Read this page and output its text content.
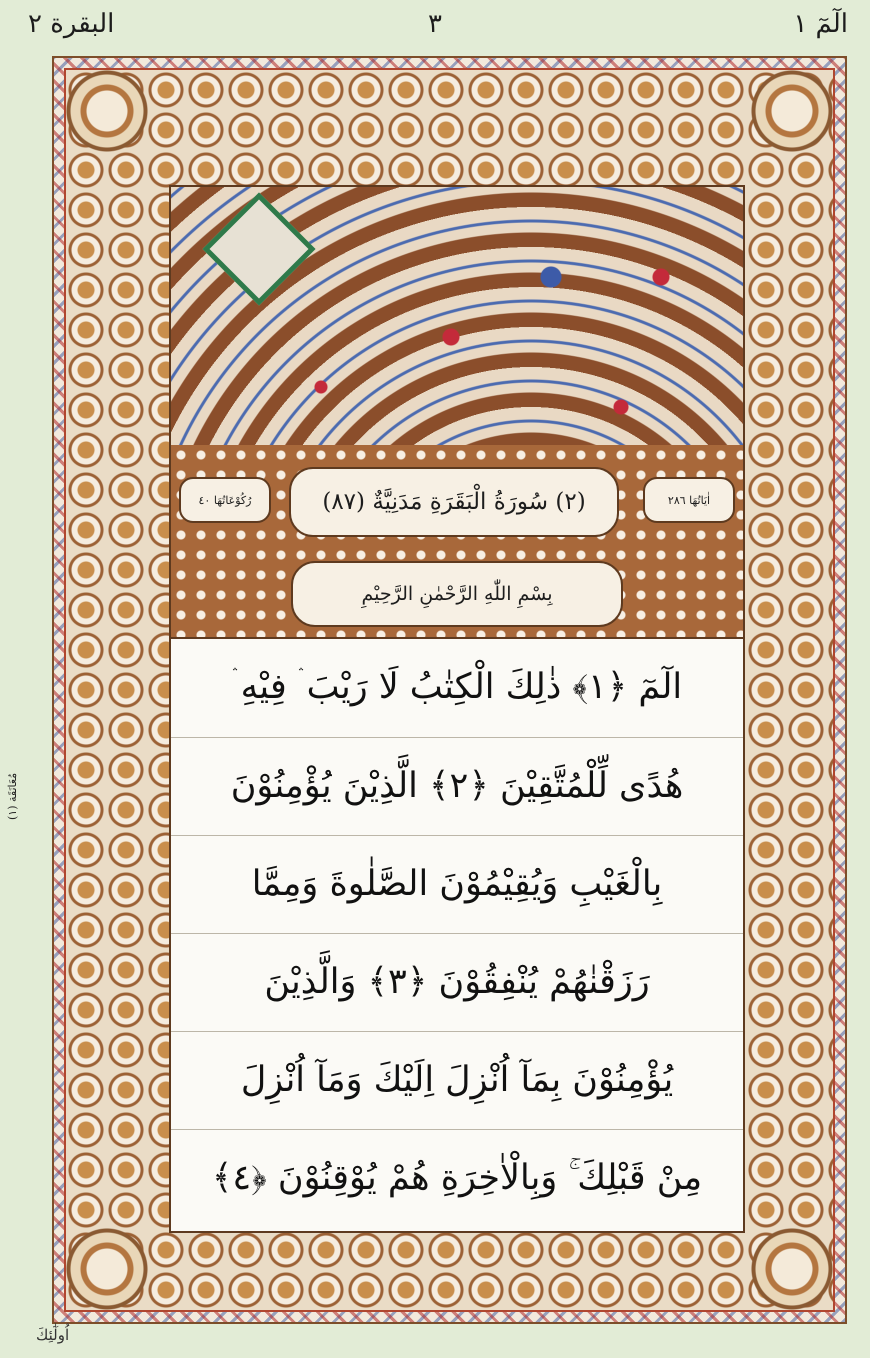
البقرة ٢	٣	الٓمٓ ١
(١) مُعَانَقَة
رُكُوْعَاتُهَا ٤٠	(٢) سُورَةُ الْبَقَرَةِ مَدَنِيَّةٌ (٨٧)	اٰيَاتُهَا ٢٨٦
بِسْمِ اللّٰهِ الرَّحْمٰنِ الرَّحِيْمِ
الٓمٓ ﴿١﴾ ذٰلِكَ الْكِتٰبُ لَا رَيْبَ ۛ فِيْهِ ۛ
هُدًى لِّلْمُتَّقِيْنَ ﴿٢﴾ الَّذِيْنَ يُؤْمِنُوْنَ
بِالْغَيْبِ وَيُقِيْمُوْنَ الصَّلٰوةَ وَمِمَّا
رَزَقْنٰهُمْ يُنْفِقُوْنَ ﴿٣﴾ وَالَّذِيْنَ
يُؤْمِنُوْنَ بِمَآ اُنْزِلَ اِلَيْكَ وَمَآ اُنْزِلَ
مِنْ قَبْلِكَ ۚ وَبِالْاٰخِرَةِ هُمْ يُوْقِنُوْنَ ﴿٤﴾
اُولٰٓئِكَ
